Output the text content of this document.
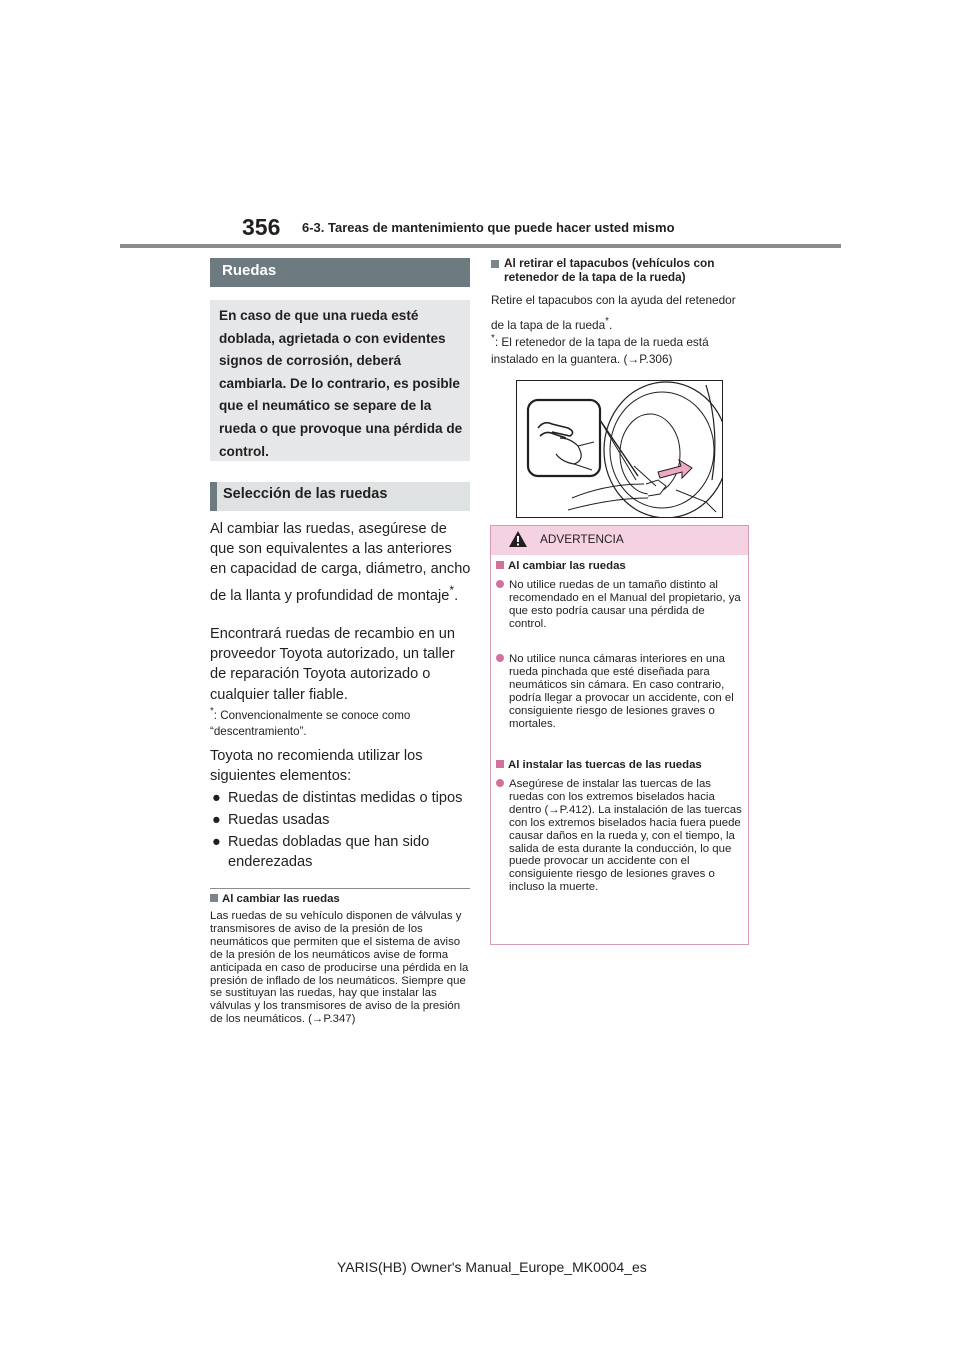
356 6-3. Tareas de mantenimiento que puede hacer usted mismo
Ruedas
En caso de que una rueda esté doblada, agrietada o con evidentes signos de corrosión, deberá cambiarla. De lo contrario, es posible que el neumático se separe de la rueda o que provoque una pérdida de control.
Selección de las ruedas
Al cambiar las ruedas, asegúrese de que son equivalentes a las anteriores en capacidad de carga, diámetro, ancho de la llanta y profundidad de montaje*.
Encontrará ruedas de recambio en un proveedor Toyota autorizado, un taller de reparación Toyota autorizado o cualquier taller fiable.
*: Convencionalmente se conoce como “descentramiento”.
Toyota no recomienda utilizar los siguientes elementos:
● Ruedas de distintas medidas o tipos
● Ruedas usadas
● Ruedas dobladas que han sido enderezadas
Al cambiar las ruedas
Las ruedas de su vehículo disponen de válvulas y transmisores de aviso de la presión de los neumáticos que permiten que el sistema de aviso de la presión de los neumáticos avise de forma anticipada en caso de producirse una pérdida en la presión de inflado de los neumáticos. Siempre que se sustituyan las ruedas, hay que instalar las válvulas y los transmisores de aviso de la presión de los neumáticos. (→P.347)
Al retirar el tapacubos (vehículos con retenedor de la tapa de la rueda)
Retire el tapacubos con la ayuda del retenedor de la tapa de la rueda*.
*: El retenedor de la tapa de la rueda está instalado en la guantera. (→P.306)
ADVERTENCIA
Al cambiar las ruedas
No utilice ruedas de un tamaño distinto al recomendado en el Manual del propietario, ya que esto podría causar una pérdida de control.
No utilice nunca cámaras interiores en una rueda pinchada que esté diseñada para neumáticos sin cámara. En caso contrario, podría llegar a provocar un accidente, con el consiguiente riesgo de lesiones graves o mortales.
Al instalar las tuercas de las ruedas
Asegúrese de instalar las tuercas de las ruedas con los extremos biselados hacia dentro (→P.412). La instalación de las tuercas con los extremos biselados hacia fuera puede causar daños en la rueda y, con el tiempo, la salida de esta durante la conducción, lo que puede provocar un accidente con el consiguiente riesgo de lesiones graves o incluso la muerte.
YARIS(HB) Owner's Manual_Europe_MK0004_es
